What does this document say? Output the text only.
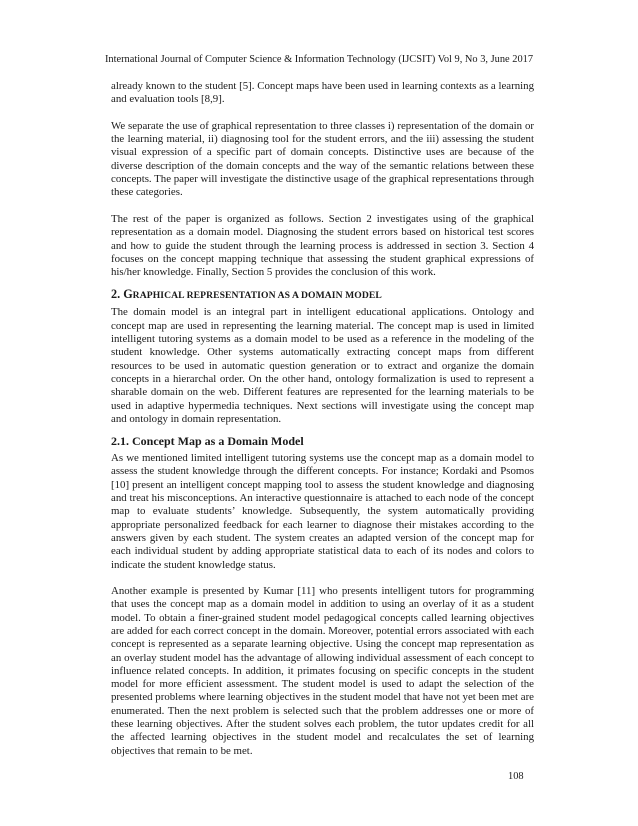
International Journal of Computer Science & Information Technology (IJCSIT) Vol 9, No 3, June 2017

already known to the student [5]. Concept maps have been used in learning contexts as a learning and evaluation tools [8,9].

We separate the use of graphical representation to three classes i) representation of the domain or the learning material, ii) diagnosing tool for the student errors, and the iii) assessing the student visual expression of a specific part of domain concepts. Distinctive uses are because of the diverse description of the domain concepts and the way of the semantic relations between these concepts. The paper will investigate the distinctive usage of the graphical representations through these categories.

The rest of the paper is organized as follows. Section 2 investigates using of the graphical representation as a domain model. Diagnosing the student errors based on historical test scores and how to guide the student through the learning process is addressed in section 3. Section 4 focuses on the concept mapping technique that assessing the student graphical expressions of his/her knowledge. Finally, Section 5 provides the conclusion of this work.

2. GRAPHICAL REPRESENTATION AS A DOMAIN MODEL

The domain model is an integral part in intelligent educational applications. Ontology and concept map are used in representing the learning material. The concept map is used in limited intelligent tutoring systems as a domain model to be used as a reference in the modeling of the student knowledge. Other systems automatically extracting concept maps from different resources to be used in automatic question generation or to extract and organize the domain concepts in a hierarchal order. On the other hand, ontology formalization is used to represent a sharable domain on the web. Different features are represented for the learning materials to be used in adaptive hypermedia techniques. Next sections will investigate using the concept map and ontology in domain representation.

2.1. Concept Map as a Domain Model

As we mentioned limited intelligent tutoring systems use the concept map as a domain model to assess the student knowledge through the different concepts. For instance; Kordaki and Psomos [10] present an intelligent concept mapping tool to assess the student knowledge and diagnosing and treat his misconceptions. An interactive questionnaire is attached to each node of the concept map to evaluate students’ knowledge. Subsequently, the system automatically providing appropriate personalized feedback for each learner to diagnose their mistakes according to the answers given by each student. The system creates an adapted version of the concept map for each individual student by adding appropriate statistical data to each of its nodes and colors to indicate the student knowledge status.

Another example is presented by Kumar [11] who presents intelligent tutors for programming that uses the concept map as a domain model in addition to using an overlay of it as a student model. To obtain a finer-grained student model pedagogical concepts called learning objectives are added for each correct concept in the domain. Moreover, potential errors associated with each concept is represented as a separate learning objective. Using the concept map representation as an overlay student model has the advantage of allowing individual assessment of each concept to influence related concepts. In addition, it primates focusing on specific concepts in the student model for more efficient assessment. The student model is used to adapt the selection of the presented problems where learning objectives in the student model that have not yet been met are enumerated. Then the next problem is selected such that the problem addresses one or more of these learning objectives. After the student solves each problem, the tutor updates credit for all the affected learning objectives in the student model and recalculates the set of learning objectives that remain to be met.

108
